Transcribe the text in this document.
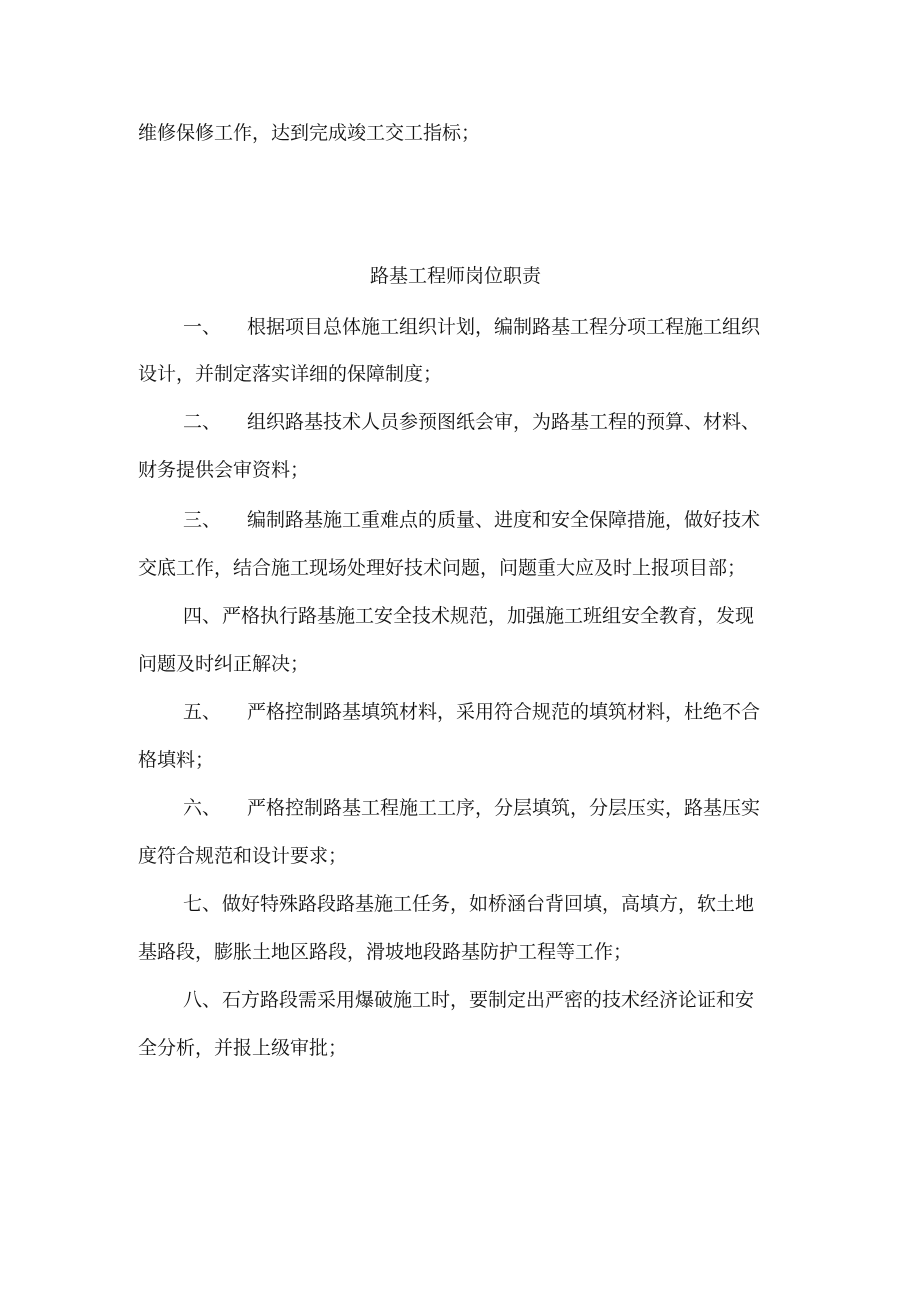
维修保修工作，达到完成竣工交工指标；
路基工程师岗位职责
一、 根据项目总体施工组织计划，编制路基工程分项工程施工组织
设计，并制定落实详细的保障制度；
二、 组织路基技术人员参预图纸会审，为路基工程的预算、材料、
财务提供会审资料；
三、 编制路基施工重难点的质量、进度和安全保障措施，做好技术
交底工作，结合施工现场处理好技术问题，问题重大应及时上报项目部；
四、 严格执行路基施工安全技术规范，加强施工班组安全教育，发现
问题及时纠正解决；
五、 严格控制路基填筑材料，采用符合规范的填筑材料，杜绝不合
格填料；
六、 严格控制路基工程施工工序，分层填筑，分层压实，路基压实
度符合规范和设计要求；
七、 做好特殊路段路基施工任务，如桥涵台背回填，高填方，软土地
基路段，膨胀土地区路段，滑坡地段路基防护工程等工作；
八、 石方路段需采用爆破施工时，要制定出严密的技术经济论证和安
全分析，并报上级审批；
